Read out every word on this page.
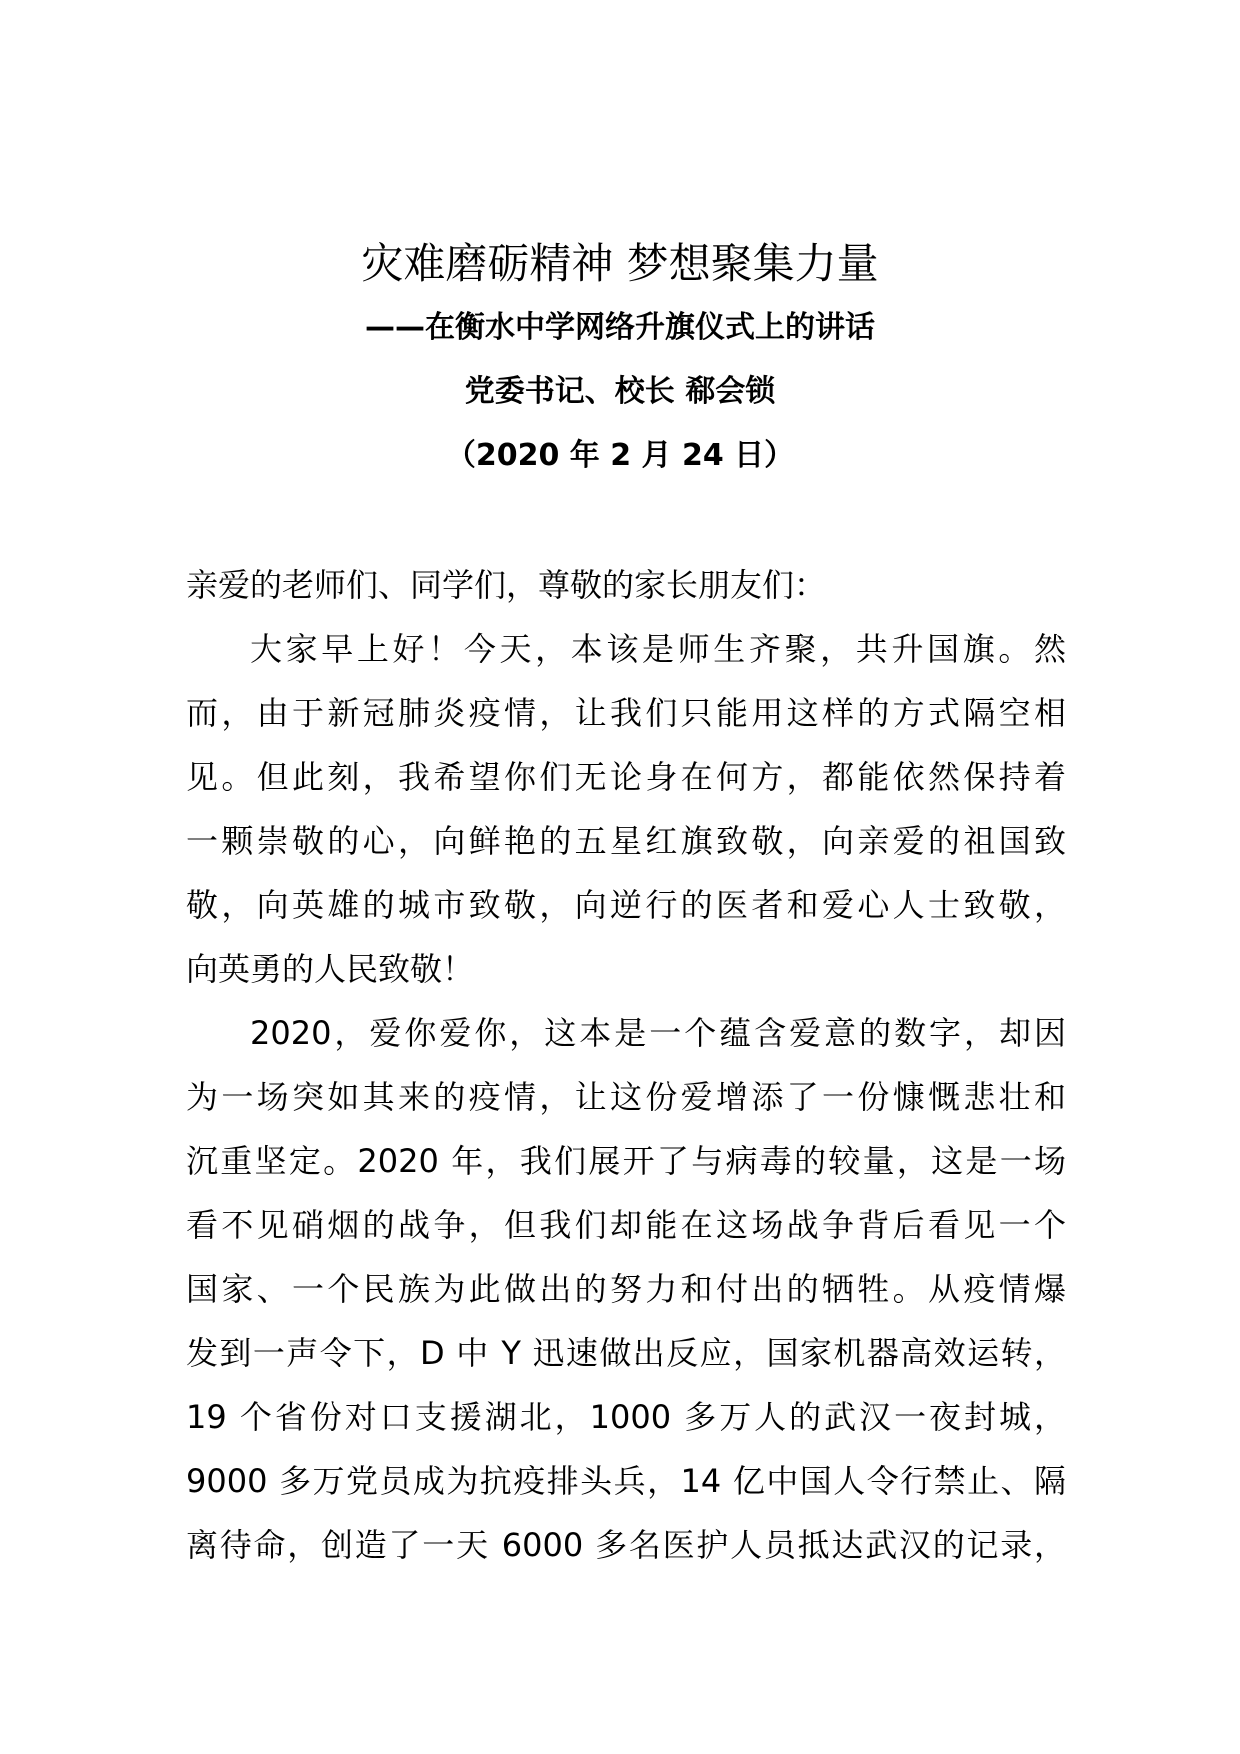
灾难磨砺精神 梦想聚集力量
——在衡水中学网络升旗仪式上的讲话
党委书记、校长 郗会锁
（2020 年 2 月 24 日）
亲爱的老师们、同学们，尊敬的家长朋友们：
大家早上好！今天，本该是师生齐聚，共升国旗。然
而，由于新冠肺炎疫情，让我们只能用这样的方式隔空相
见。但此刻，我希望你们无论身在何方，都能依然保持着
一颗崇敬的心，向鲜艳的五星红旗致敬，向亲爱的祖国致
敬，向英雄的城市致敬，向逆行的医者和爱心人士致敬，
向英勇的人民致敬！
2020，爱你爱你，这本是一个蕴含爱意的数字，却因
为一场突如其来的疫情，让这份爱增添了一份慷慨悲壮和
沉重坚定。2020 年，我们展开了与病毒的较量，这是一场
看不见硝烟的战争，但我们却能在这场战争背后看见一个
国家、一个民族为此做出的努力和付出的牺牲。从疫情爆
发到一声令下，D 中 Y 迅速做出反应，国家机器高效运转，
19 个省份对口支援湖北，1000 多万人的武汉一夜封城，
9000 多万党员成为抗疫排头兵，14 亿中国人令行禁止、隔
离待命，创造了一天 6000 多名医护人员抵达武汉的记录，
